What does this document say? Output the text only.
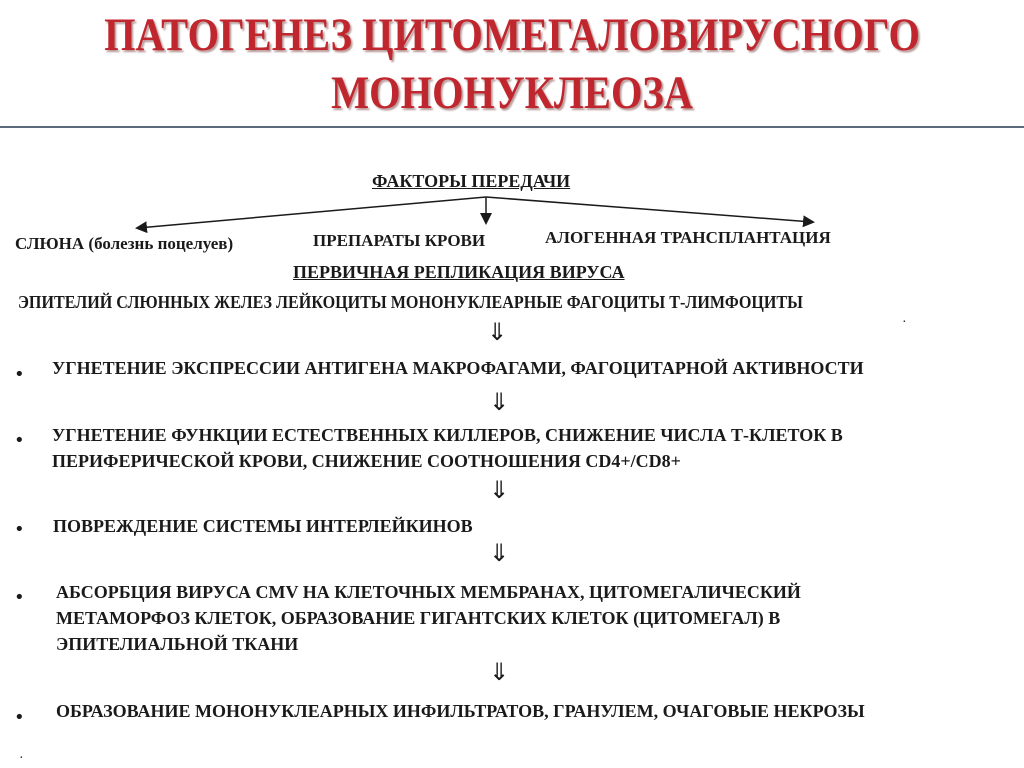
ПАТОГЕНЕЗ ЦИТОМЕГАЛОВИРУСНОГО
МОНОНУКЛЕОЗА
ФАКТОРЫ ПЕРЕДАЧИ
СЛЮНА (болезнь поцелуев)	ПРЕПАРАТЫ КРОВИ	АЛОГЕННАЯ ТРАНСПЛАНТАЦИЯ
ПЕРВИЧНАЯ РЕПЛИКАЦИЯ ВИРУСА
ЭПИТЕЛИЙ СЛЮННЫХ ЖЕЛЕЗ ЛЕЙКОЦИТЫ МОНОНУКЛЕАРНЫЕ ФАГОЦИТЫ Т-ЛИМФОЦИТЫ
·
⇓
• УГНЕТЕНИЕ ЭКСПРЕССИИ АНТИГЕНА МАКРОФАГАМИ, ФАГОЦИТАРНОЙ АКТИВНОСТИ
⇓
• УГНЕТЕНИЕ ФУНКЦИИ ЕСТЕСТВЕННЫХ КИЛЛЕРОВ, СНИЖЕНИЕ ЧИСЛА Т-КЛЕТОК В
ПЕРИФЕРИЧЕСКОЙ КРОВИ, СНИЖЕНИЕ СООТНОШЕНИЯ CD4+/CD8+
⇓
• ПОВРЕЖДЕНИЕ СИСТЕМЫ ИНТЕРЛЕЙКИНОВ
⇓
• АБСОРБЦИЯ ВИРУСА CMV НА КЛЕТОЧНЫХ МЕМБРАНАХ, ЦИТОМЕГАЛИЧЕСКИЙ
МЕТАМОРФОЗ КЛЕТОК, ОБРАЗОВАНИЕ ГИГАНТСКИХ КЛЕТОК (ЦИТОМЕГАЛ) В
ЭПИТЕЛИАЛЬНОЙ ТКАНИ
⇓
• ОБРАЗОВАНИЕ МОНОНУКЛЕАРНЫХ ИНФИЛЬТРАТОВ, ГРАНУЛЕМ, ОЧАГОВЫЕ НЕКРОЗЫ
·
